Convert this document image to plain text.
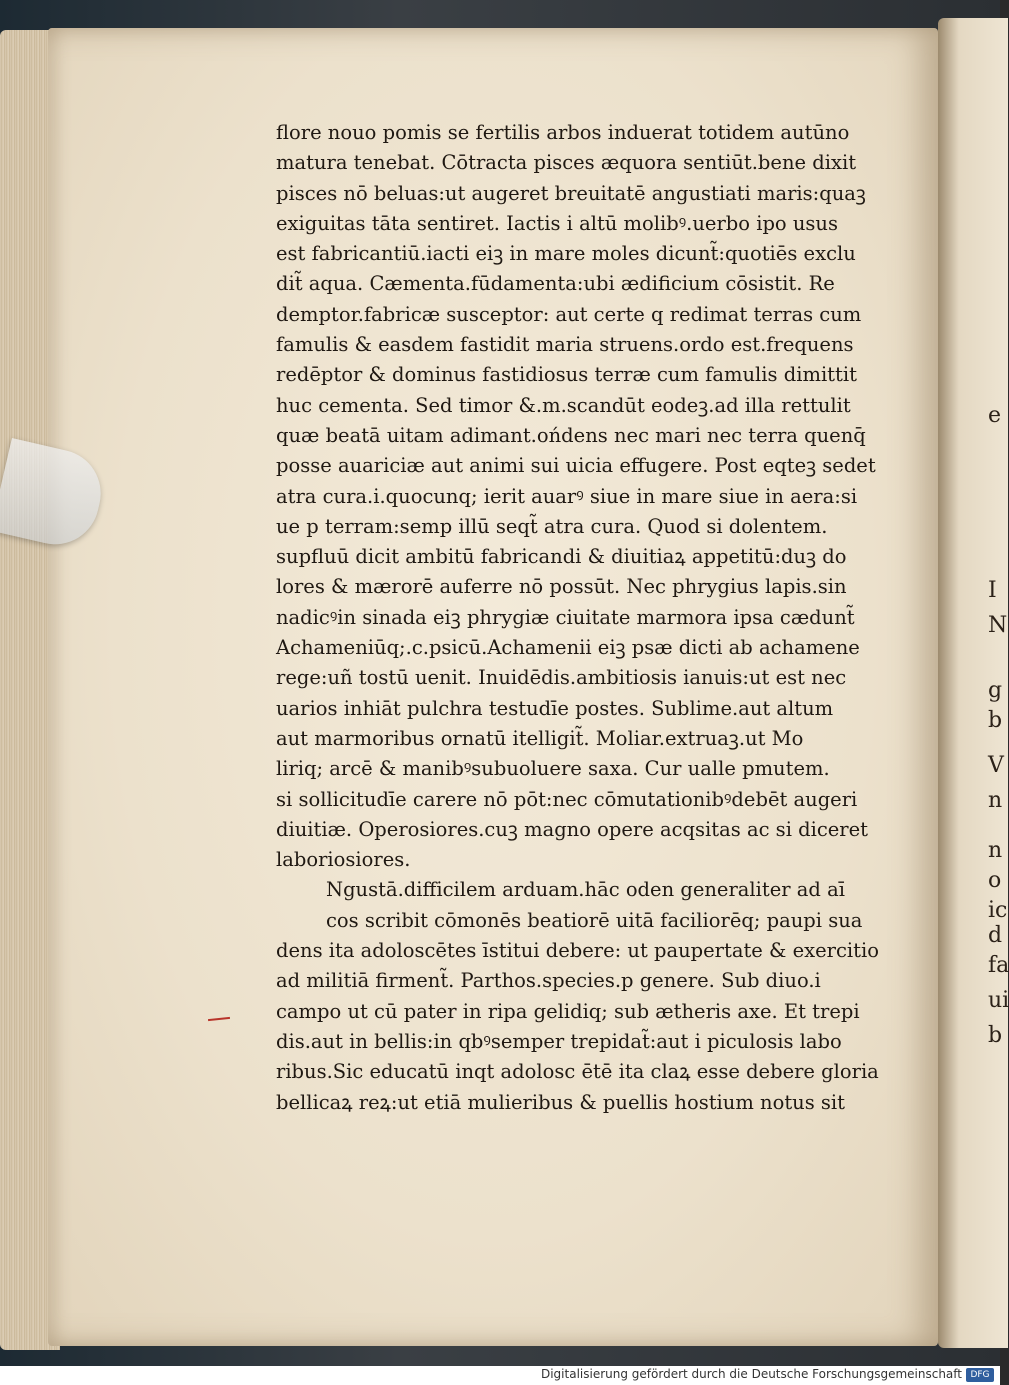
e
I
N
g
b
V
n
n
o
ic
d
fa
ui
b
flore nouo pomis se fertilis arbos induerat totidem autūno
matura tenebat. Cōtracta pisces æquora sentiūt.bene dixit
pisces nō beluas:ut augeret breuitatē angustiati maris:quaꝫ
exiguitas tāta sentiret. Iactis i altū molibꝰ.uerbo ipo usus
est fabricantiū.iacti eiꝫ in mare moles dicunt̃:quotiēs exclu
dit̃ aqua. Cæmenta.fūdamenta:ubi ædificium cōsistit. Re
demptor.fabricæ susceptor: aut certe q redimat terras cum
famulis & easdem fastidit maria struens.ordo est.frequens
redēptor & dominus fastidiosus terræ cum famulis dimittit
huc cementa. Sed timor &.m.scandūt eodeꝫ.ad illa rettulit
quæ beatā uitam adimant.ońdens nec mari nec terra quenq̄
posse auariciæ aut animi sui uicia effugere. Post eqteꝫ sedet
atra cura.i.quocunq; ierit auarꝰ siue in mare siue in aera:si
ue p terram:semp illū seqt̃ atra cura. Quod si dolentem.
supfluū dicit ambitū fabricandi & diuitiaꝝ appetitū:duꝫ do
lores & mærorē auferre nō possūt. Nec phrygius lapis.sin
nadicꝰin sinada eiꝫ phrygiæ ciuitate marmora ipsa cædunt̃
Achameniūq;.c.psicū.Achamenii eiꝫ psæ dicti ab achamene
rege:uñ tostū uenit. Inuidēdis.ambitiosis ianuis:ut est nec
uarios inhiāt pulchra testudīe postes. Sublime.aut altum
aut marmoribus ornatū itelligit̃. Moliar.extruaꝫ.ut Mo
liriq; arcē & manibꝰsubuoluere saxa. Cur ualle pmutem.
si sollicitudīe carere nō pōt:nec cōmutationibꝰdebēt augeri
diuitiæ. Operosiores.cuꝫ magno opere acqsitas ac si diceret
laboriosiores.
Ngustā.difficilem arduam.hāc oden generaliter ad aī
cos scribit cōmonēs beatiorē uitā faciliorēq; paupi sua
dens ita adoloscētes īstitui debere: ut paupertate & exercitio
ad militiā firment̃. Parthos.species.p genere. Sub diuo.i
campo ut cū pater in ripa gelidiq; sub ætheris axe. Et trepi
dis.aut in bellis:in qbꝰsemper trepidat̃:aut i piculosis labo
ribus.Sic educatū inqt adolosc ētē ita claꝝ esse debere gloria
bellicaꝝ reꝝ:ut etiā mulieribus & puellis hostium notus sit
Digitalisierung gefördert durch die Deutsche Forschungsgemeinschaft DFG
